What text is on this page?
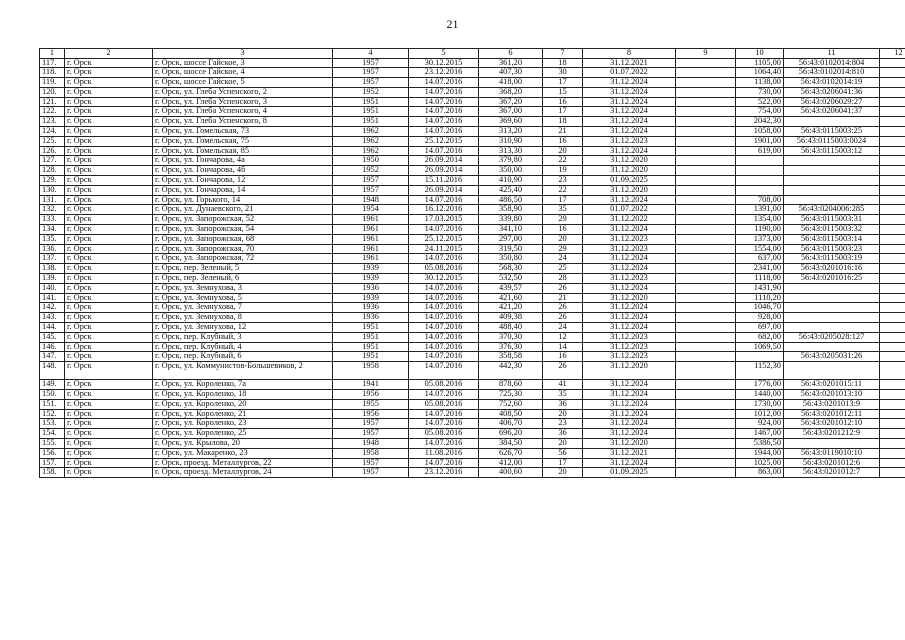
21
1	2	3	4	5	6	7	8	9	10	11	12
117.	г. Орск	г. Орск, шоссе Гайское, 3	1957	30.12.2015	361,20	18	31.12.2021		1105,00	56:43:0102014:804	
118.	г. Орск	г. Орск, шоссе Гайское, 4	1957	23.12.2016	407,30	30	01.07.2022		1064,40	56:43:0102014:810	
119.	г. Орск	г. Орск, шоссе Гайское, 5	1957	14.07.2016	418,00	17	31.12.2024		1138,00	56:43:0102014:19	
120.	г. Орск	г. Орск, ул. Глеба Успенского, 2	1952	14.07.2016	368,20	15	31.12.2024		730,00	56:43:0206041:36	
121.	г. Орск	г. Орск, ул. Глеба Успенского, 3	1951	14.07.2016	367,20	16	31.12.2024		522,00	56:43:0206029:27	
122.	г. Орск	г. Орск, ул. Глеба Успенского, 4	1951	14.07.2016	367,00	17	31.12.2024		754,00	56:43:0206041:37	
123.	г. Орск	г. Орск, ул. Глеба Успенского, 8	1951	14.07.2016	369,60	18	31.12.2024		2042,30		
124.	г. Орск	г. Орск, ул. Гомельская, 73	1962	14.07.2016	313,20	21	31.12.2024		1058,00	56:43:0115003:25	
125.	г. Орск	г. Орск, ул. Гомельская, 75	1962	25.12.2015	310,90	16	31.12.2023		1901,00	56:43:0115003:0024	
126.	г. Орск	г. Орск, ул. Гомельская, 85	1962	14.07.2016	313,30	20	31.12.2024		619,00	56:43:0115003:12	
127.	г. Орск	г. Орск, ул. Гончарова, 4а	1950	26.09.2014	379,80	22	31.12.2020				
128.	г. Орск	г. Орск, ул. Гончарова, 4б	1952	26.09.2014	350,00	19	31.12.2020				
129.	г. Орск	г. Орск, ул. Гончарова, 12	1957	15.11.2016	410,90	23	01.09.2025				
130.	г. Орск	г. Орск, ул. Гончарова, 14	1957	26.09.2014	425,40	22	31.12.2020				
131.	г. Орск	г. Орск, ул. Горького, 14	1948	14.07.2016	486,50	17	31.12.2024		708,00		
132.	г. Орск	г. Орск, ул. Дунаевского, 21	1954	16.12.2016	358,90	35	01.07.2022		1391,00	56:43:0204006:285	
133.	г. Орск	г. Орск, ул. Запорожская, 52	1961	17.03.2015	339,80	29	31.12.2022		1354,00	56:43:0115003:31	
134.	г. Орск	г. Орск, ул. Запорожская, 54	1961	14.07.2016	341,10	16	31.12.2024		1190,00	56:43:0115003:32	
135.	г. Орск	г. Орск, ул. Запорожская, 68	1961	25.12.2015	297,00	20	31.12.2023		1373,00	56:43:0115003:14	
136.	г. Орск	г. Орск, ул. Запорожская, 70	1961	24.11.2015	319,50	29	31.12.2023		1554,00	56:43:0115003:23	
137.	г. Орск	г. Орск, ул. Запорожская, 72	1961	14.07.2016	350,80	24	31.12.2024		637,00	56:43:0115003:19	
138.	г. Орск	г. Орск, пер. Зеленый, 5	1939	05.08.2016	568,30	25	31.12.2024		2341,00	56:43:0201016:16	
139.	г. Орск	г. Орск, пер. Зеленый, 6	1939	30.12.2015	532,50	28	31.12.2023		1118,00	56:43:0201016:25	
140.	г. Орск	г. Орск, ул. Земнухова, 3	1936	14.07.2016	439,57	26	31.12.2024		1431,90		
141.	г. Орск	г. Орск, ул. Земнухова, 5	1939	14.07.2016	421,60	21	31.12.2020		1110,20		
142.	г. Орск	г. Орск, ул. Земнухова, 7	1936	14.07.2016	421,20	26	31.12.2024		1046,70		
143.	г. Орск	г. Орск, ул. Земнухова, 8	1936	14.07.2016	409,38	26	31.12.2024		928,00		
144.	г. Орск	г. Орск, ул. Земнухова, 12	1951	14.07.2016	488,40	24	31.12.2024		697,00		
145.	г. Орск	г. Орск, пер. Клубный, 3	1951	14.07.2016	370,30	12	31.12.2023		682,00	56:43:0205028:127	
146.	г. Орск	г. Орск, пер. Клубный, 4	1951	14.07.2016	376,30	14	31.12.2023		1069,50		
147.	г. Орск	г. Орск, пер. Клубный, 6	1951	14.07.2016	358,58	16	31.12.2023			56:43:0205031:26	
148.	г. Орск	г. Орск, ул. Коммунистов-Большевиков, 2	1958	14.07.2016	442,30	26	31.12.2020		1152,30		
149.	г. Орск	г. Орск, ул. Короленко, 7а	1941	05.08.2016	878,60	41	31.12.2024		1776,00	56:43:0201015:11	
150.	г. Орск	г. Орск, ул. Короленко, 18	1956	14.07.2016	725,30	35	31.12.2024		1440,00	56:43:0201013:10	
151.	г. Орск	г. Орск, ул. Короленко, 20	1955	05.08.2016	752,60	36	31.12.2024		1730,00	56:43:0201013:9	
152.	г. Орск	г. Орск, ул. Короленко, 21	1956	14.07.2016	408,50	20	31.12.2024		1012,00	56:43:0201012:11	
153.	г. Орск	г. Орск, ул. Короленко, 23	1957	14.07.2016	406,70	23	31.12.2024		924,00	56:43:0201012:10	
154.	г. Орск	г. Орск, ул. Короленко, 25	1957	05.08.2016	696,20	36	31.12.2024		1467,00	56:43:0201212:9	
155.	г. Орск	г. Орск, ул. Крылова, 20	1948	14.07.2016	384,50	20	31.12.2020		5386,50		
156.	г. Орск	г. Орск, ул. Макаренко, 23	1958	11.08.2016	626,70	56	31.12.2021		1944,00	56:43:0119010:10	
157.	г. Орск	г. Орск, проезд. Металлургов, 22	1957	14.07.2016	412,00	17	31.12.2024		1025,00	56:43:0201012:6	
158.	г. Орск	г. Орск, проезд. Металлургов, 24	1957	23.12.2016	400,60	20	01.09.2025		863,00	56:43:0201012:7	
